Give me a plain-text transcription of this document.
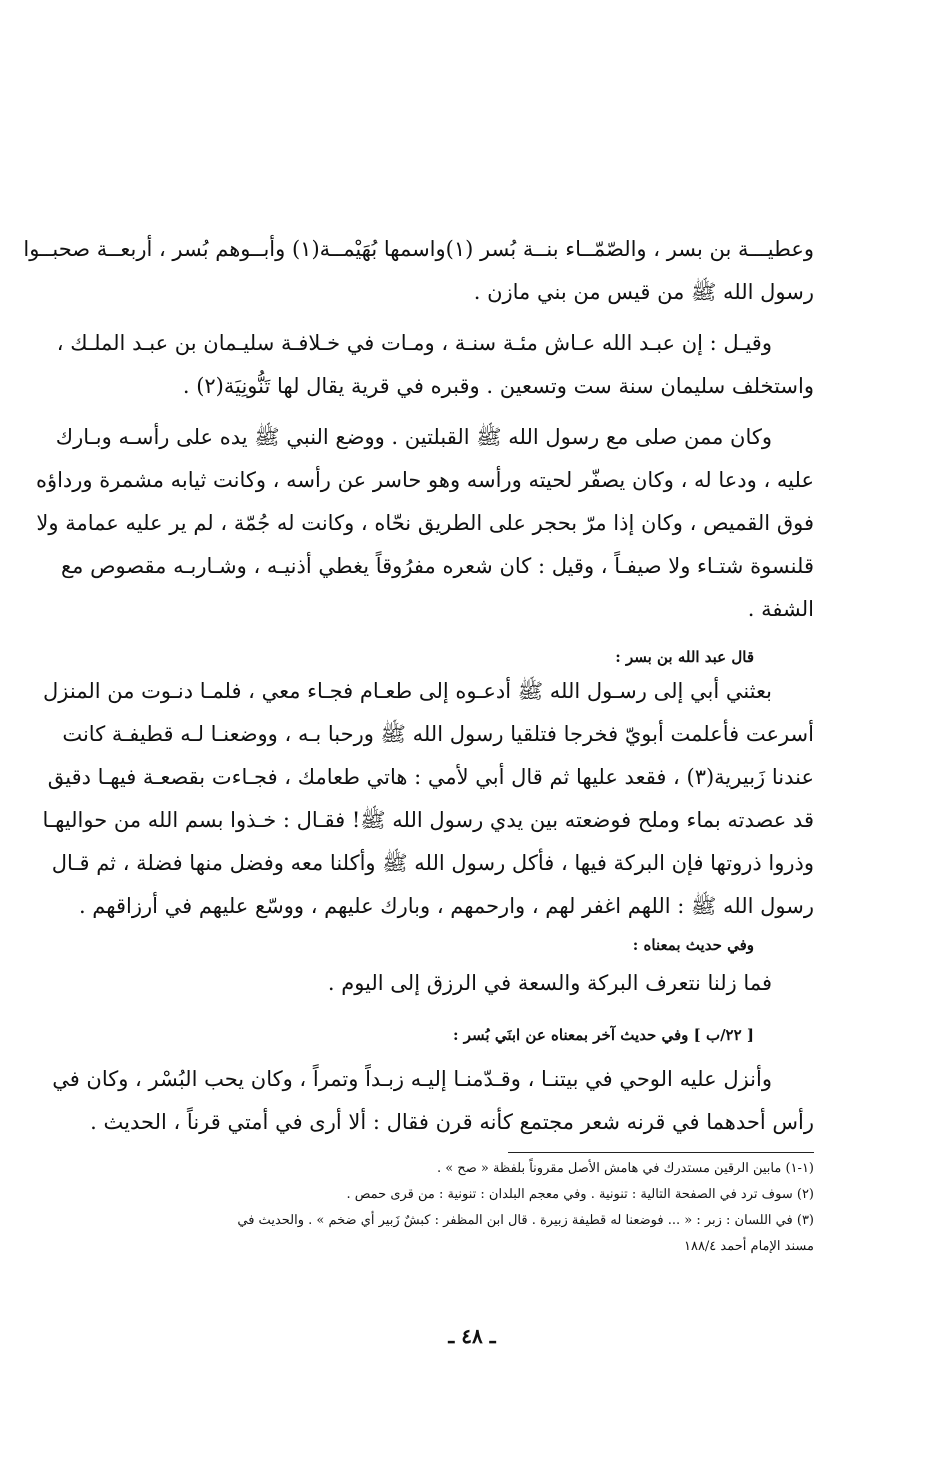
وعطيـــة بن بسر ، والصّمّــاء بنــة بُسر (١)واسمها بُهَيْمــة(١) وأبــوهم بُسر ، أربعــة صحبــوا
رسول الله ﷺ من قيس من بني مازن .

وقيـل : إن عبـد الله عـاش مئـة سنـة ، ومـات في خـلافـة سليـمان بن عبـد الملـك ،
واستخلف سليمان سنة ست وتسعين . وقبره في قرية يقال لها تَنُّونِيَة(٢) .

وكان ممن صلى مع رسول الله ﷺ القبلتين . ووضع النبي ﷺ يده على رأسـه وبـارك
عليه ، ودعا له ، وكان يصفّر لحيته ورأسه وهو حاسر عن رأسه ، وكانت ثيابه مشمرة ورداؤه
فوق القميص ، وكان إذا مرّ بحجر على الطريق نحّاه ، وكانت له جُمّة ، لم ير عليه عمامة ولا
قلنسوة شتـاء ولا صيفـاً ، وقيل : كان شعره مفرُوقاً يغطي أذنيـه ، وشـاربـه مقصوص مع
الشفة .

قال عبد الله بن بسر :

بعثني أبي إلى رسـول الله ﷺ أدعـوه إلى طعـام فجـاء معي ، فلمـا دنـوت من المنزل
أسرعت فأعلمت أبويّ فخرجا فتلقيا رسول الله ﷺ ورحبا بـه ، ووضعنـا لـه قطيفـة كانت
عندنا زَبيرية(٣) ، فقعد عليها ثم قال أبي لأمي : هاتي طعامك ، فجـاءت بقصعـة فيهـا دقيق
قد عصدته بماء وملح فوضعته بين يدي رسول الله ﷺ! فقـال : خـذوا بسم الله من حواليهـا
وذروا ذروتها فإن البركة فيها ، فأكل رسول الله ﷺ وأكلنا معه وفضل منها فضلة ، ثم قـال
رسول الله ﷺ : اللهم اغفر لهم ، وارحمهم ، وبارك عليهم ، ووسّع عليهم في أرزاقهم .

وفي حديث بمعناه :

فما زلنا نتعرف البركة والسعة في الرزق إلى اليوم .

[ ٢٢/ب ] وفي حديث آخر بمعناه عن ابنَي بُسر :

وأنزل عليه الوحي في بيتنـا ، وقـدّمنـا إليـه زبـداً وتمراً ، وكان يحب البُسْر ، وكان في
رأس أحدهما في قرنه شعر مجتمع كأنه قرن فقال : ألا أرى في أمتي قرناً ، الحديث .

(١-١) مابين الرقين مستدرك في هامش الأصل مقروناً بلفظة « صح » .
(٢) سوف ترد في الصفحة التالية : تنونية . وفي معجم البلدان : تنونية : من قرى حمص .
(٣) في اللسان : زبر : « ... فوضعنا له قطيفة زبيرة . قال ابن المظفر : كبشٌ زَبير أي ضخم » . والحديث في
مسند الإمام أحمد ١٨٨/٤

ـ ٤٨ ـ
